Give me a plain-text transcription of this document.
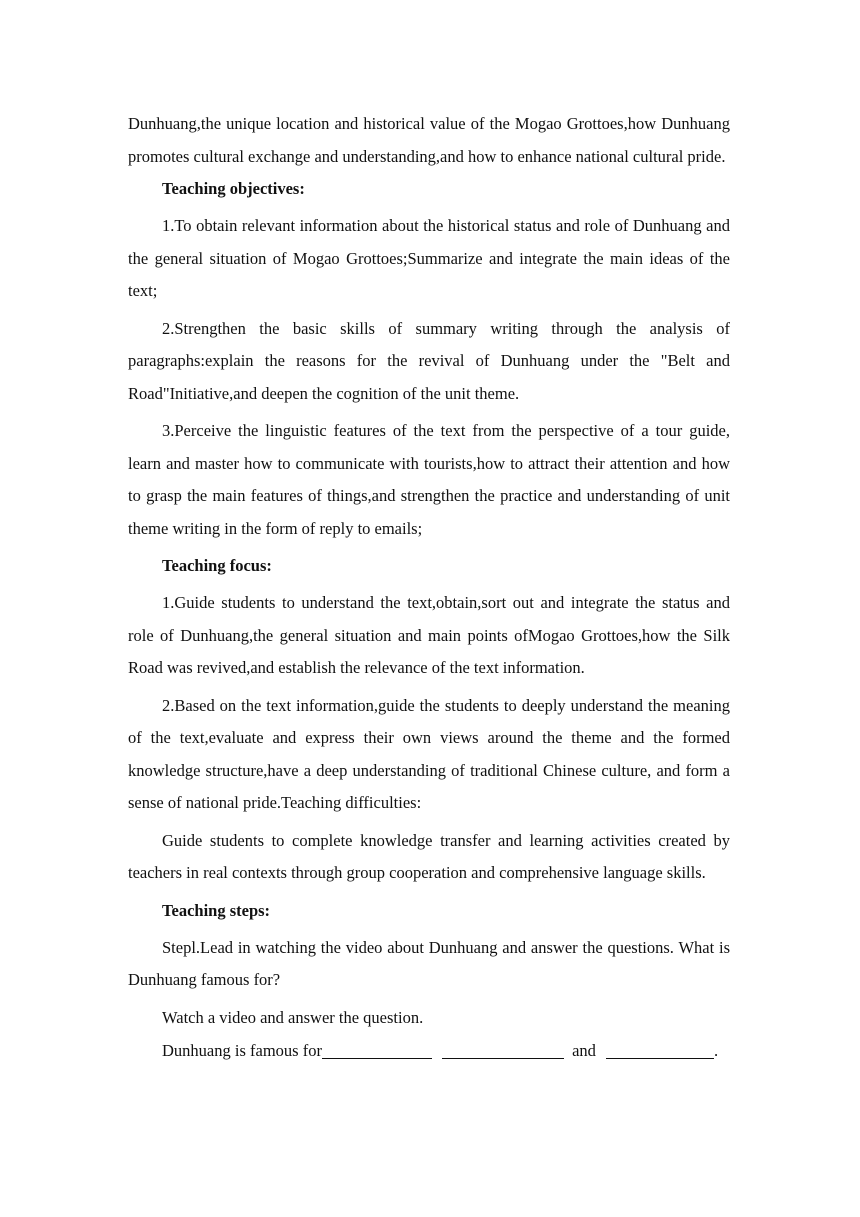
Dunhuang,the unique location and historical value of the Mogao Grottoes,how Dunhuang promotes cultural exchange and understanding,and how to enhance national cultural pride.

Teaching objectives:

1.To obtain relevant information about the historical status and role of Dunhuang and the general situation of Mogao Grottoes;Summarize and integrate the main ideas of the text;

2.Strengthen the basic skills of summary writing through the analysis of paragraphs:explain the reasons for the revival of Dunhuang under the "Belt and Road"Initiative,and deepen the cognition of the unit theme.

3.Perceive the linguistic features of the text from the perspective of a tour guide, learn and master how to communicate with tourists,how to attract their attention and how to grasp the main features of things,and strengthen the practice and understanding of unit theme writing in the form of reply to emails;

Teaching focus:

1.Guide students to understand the text,obtain,sort out and integrate the status and role of Dunhuang,the general situation and main points ofMogao Grottoes,how the Silk Road was revived,and establish the relevance of the text information.

2.Based on the text information,guide the students to deeply understand the meaning of the text,evaluate and express their own views around the theme and the formed knowledge structure,have a deep understanding of traditional Chinese culture, and form a sense of national pride.Teaching difficulties:

Guide students to complete knowledge transfer and learning activities created by teachers in real contexts through group cooperation and comprehensive language skills.

Teaching steps:

Stepl.Lead in watching the video about Dunhuang and answer the questions. What is Dunhuang famous for?

Watch a video and answer the question.

Dunhuang is famous for	and	.
